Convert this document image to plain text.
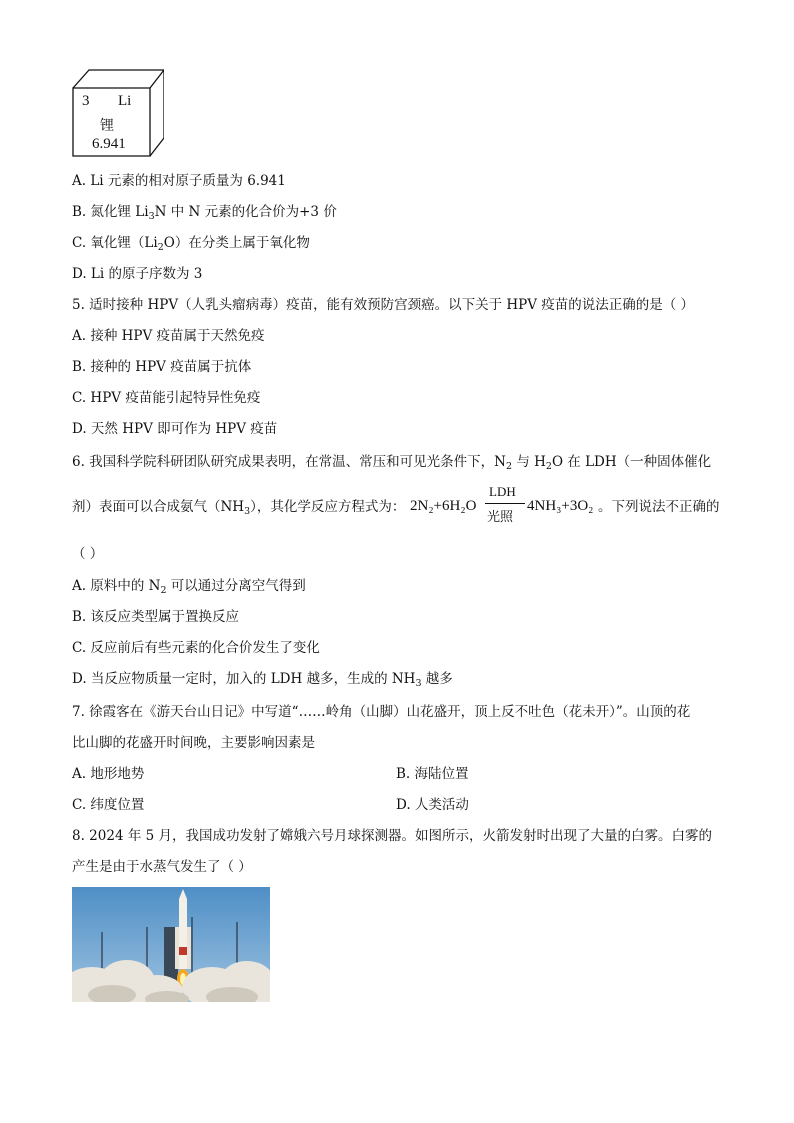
3 Li
锂
6.941
A. Li 元素的相对原子质量为 6.941
B. 氮化锂 $Li_3N$ 中 N 元素的化合价为+3 价
C. 氧化锂$(Li_2O)$在分类上属于氧化物
D. Li 的原子序数为 3
5. 适时接种 HPV（人乳头瘤病毒）疫苗，能有效预防宫颈癌。以下关于 HPV 疫苗的说法正确的是（ ）
A. 接种 HPV 疫苗属于天然免疫
B. 接种的 HPV 疫苗属于抗体
C. HPV 疫苗能引起特异性免疫
D. 天然 HPV 即可作为 HPV 疫苗
6. 我国科学院科研团队研究成果表明，在常温、常压和可见光条件下，$N_2$ 与 $H_2O$ 在 LDH（一种固体催化
剂）表面可以合成氨气$(NH_3)$，其化学反应方程式为： 2N₂+6H₂O
LDH
光照
4NH₃+3O₂ 。下列说法不正确的
（ ）
A. 原料中的 $N_2$ 可以通过分离空气得到
B. 该反应类型属于置换反应
C. 反应前后有些元素的化合价发生了变化
D. 当反应物质量一定时，加入的 LDH 越多，生成的 $NH_3$ 越多
7. 徐霞客在《游天台山日记》中写道“……岭角（山脚）山花盛开，顶上反不吐色（花未开）”。山顶的花
比山脚的花盛开时间晚，主要影响因素是
A. 地形地势	B. 海陆位置
C. 纬度位置	D. 人类活动
8. 2024 年 5 月，我国成功发射了嫦娥六号月球探测器。如图所示，火箭发射时出现了大量的白雾。白雾的
产生是由于水蒸气发生了（ ）
